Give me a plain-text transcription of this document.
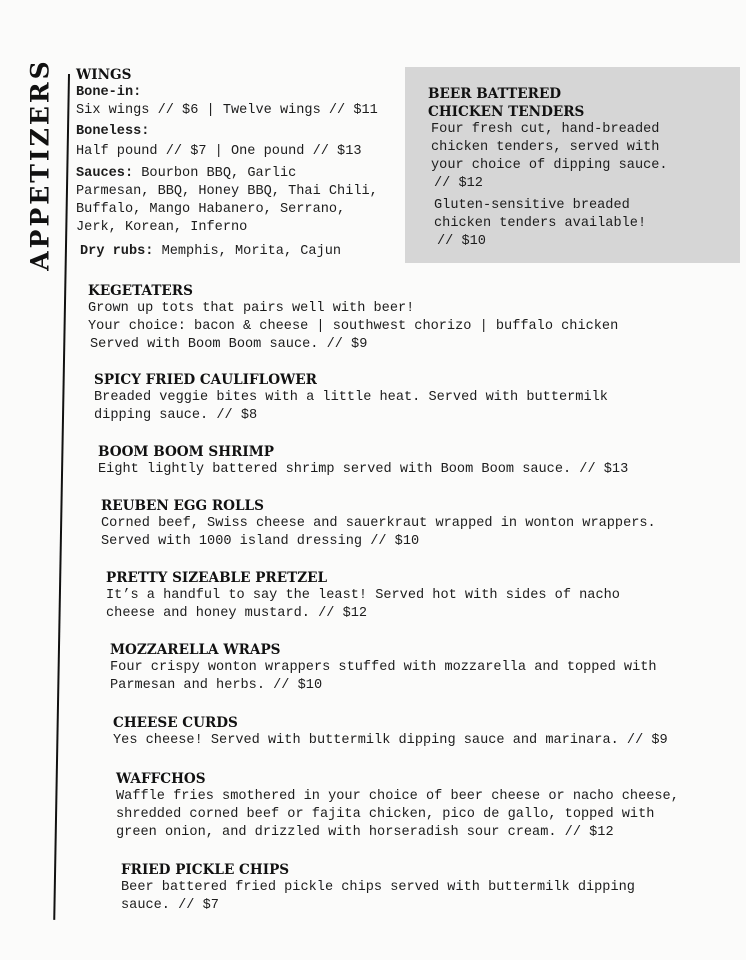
APPETIZERS WINGS
Bone-in:
Six wings // $6 | Twelve wings // $11
Boneless:
Half pound // $7 | One pound // $13
Sauces: Bourbon BBQ, Garlic
Parmesan, BBQ, Honey BBQ, Thai Chili,
Buffalo, Mango Habanero, Serrano,
Jerk, Korean, Inferno
Dry rubs: Memphis, Morita, Cajun
BEER BATTERED
CHICKEN TENDERS
Four fresh cut, hand-breaded
chicken tenders, served with
your choice of dipping sauce.
// $12
Gluten-sensitive breaded
chicken tenders available!
// $10
KEGETATERS
Grown up tots that pairs well with beer!
Your choice: bacon & cheese | southwest chorizo | buffalo chicken
Served with Boom Boom sauce. // $9
SPICY FRIED CAULIFLOWER
Breaded veggie bites with a little heat. Served with buttermilk
dipping sauce. // $8
BOOM BOOM SHRIMP
Eight lightly battered shrimp served with Boom Boom sauce. // $13
REUBEN EGG ROLLS
Corned beef, Swiss cheese and sauerkraut wrapped in wonton wrappers.
Served with 1000 island dressing // $10
PRETTY SIZEABLE PRETZEL
It’s a handful to say the least! Served hot with sides of nacho
cheese and honey mustard. // $12
MOZZARELLA WRAPS
Four crispy wonton wrappers stuffed with mozzarella and topped with
Parmesan and herbs. // $10
CHEESE CURDS
Yes cheese! Served with buttermilk dipping sauce and marinara. // $9
WAFFCHOS
Waffle fries smothered in your choice of beer cheese or nacho cheese,
shredded corned beef or fajita chicken, pico de gallo, topped with
green onion, and drizzled with horseradish sour cream. // $12
FRIED PICKLE CHIPS
Beer battered fried pickle chips served with buttermilk dipping
sauce. // $7
